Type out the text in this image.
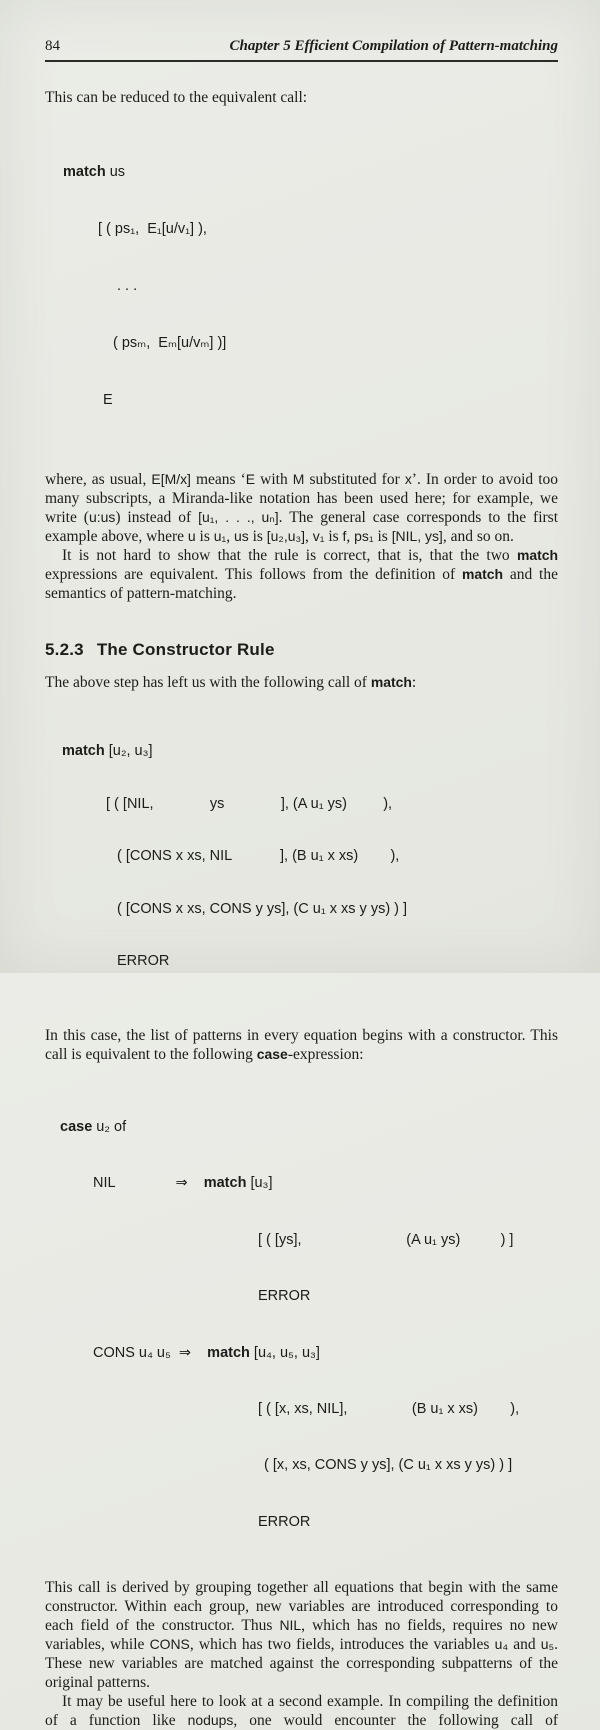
84	Chapter 5 Efficient Compilation of Pattern-matching

This can be reduced to the equivalent call:

match us

[ ( ps₁,  E₁[u/v₁] ),

. . .

( psₘ,  Eₘ[u/vₘ] )]

E

where, as usual, E[M/x] means ‘E with M substituted for x’. In order to avoid too many subscripts, a Miranda-like notation has been used here; for example, we write (u:us) instead of [u₁, . . ., uₙ]. The general case corresponds to the first example above, where u is u₁, us is [u₂,u₃], v₁ is f, ps₁ is [NIL, ys], and so on.

It is not hard to show that the rule is correct, that is, that the two match expressions are equivalent. This follows from the definition of match and the semantics of pattern-matching.

5.2.3 The Constructor Rule

The above step has left us with the following call of match:

match [u₂, u₃]

[ ( [NIL,              ys              ], (A u₁ ys)         ),

( [CONS x xs, NIL            ], (B u₁ x xs)        ),

( [CONS x xs, CONS y ys], (C u₁ x xs y ys) ) ]

ERROR

In this case, the list of patterns in every equation begins with a constructor. This call is equivalent to the following case-expression:

case u₂ of

NIL               ⇒    match [u₃]

[ ( [ys],                          (A u₁ ys)          ) ]

ERROR

CONS u₄ u₅  ⇒    match [u₄, u₅, u₃]

[ ( [x, xs, NIL],                (B u₁ x xs)        ),

( [x, xs, CONS y ys], (C u₁ x xs y ys) ) ]

ERROR

This call is derived by grouping together all equations that begin with the same constructor. Within each group, new variables are introduced corresponding to each field of the constructor. Thus NIL, which has no fields, requires no new variables, while CONS, which has two fields, introduces the variables u₄ and u₅. These new variables are matched against the corresponding subpatterns of the original patterns.

It may be useful here to look at a second example. In compiling the definition of a function like nodups, one would encounter the following call of
